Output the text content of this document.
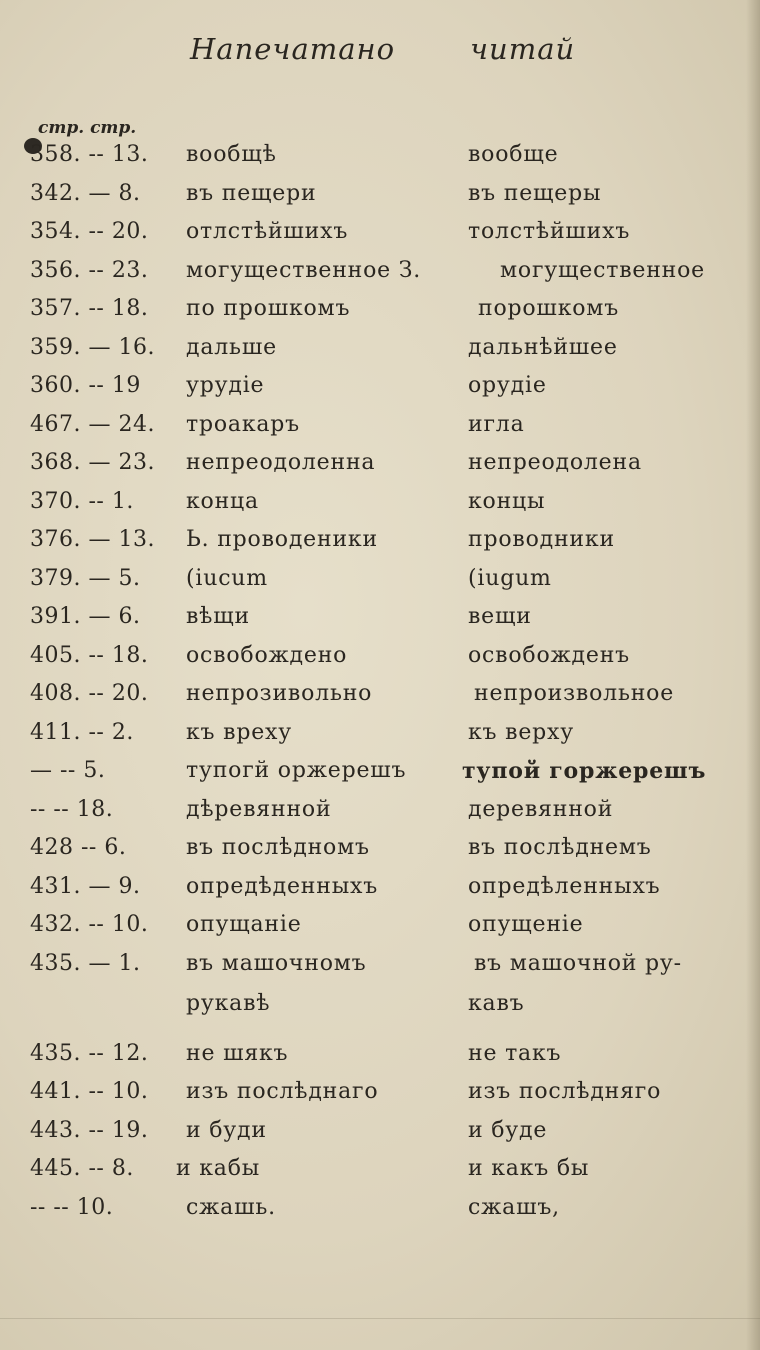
Напечатано	читай
стр. стр.
358. -- 13. вообщѣ	вообще
342. — 8. въ пещери	въ пещеры
354. -- 20. отлстѣйшихъ	толстѣйшихъ
356. -- 23. могущественное З.	могущественное
357. -- 18. по прошкомъ	порошкомъ
359. — 16. дальше	дальнѣйшее
360. -- 19 урудіе	орудіе
467. — 24. троакаръ	игла
368. — 23. непреодоленна	непреодолена
370. -- 1. конца	концы
376. — 13. Ь. проводеники	проводники
379. — 5. (iucum	(iugum
391. — 6. вѣщи	вещи
405. -- 18. освобождено	освобожденъ
408. -- 20. непрозивольно	непроизвольное
411. -- 2. къ вреху	къ верху
— -- 5.	тупогй оржерешъ	тупой горжерешъ
-- -- 18.	дѣревянной	деревянной
428 -- 6.	въ послѣдномъ	въ послѣднемъ
431. — 9. опредѣденныхъ	опредѣленныхъ
432. -- 10. опущаніе	опущеніе
435. — 1. въ машочномъ	въ машочной ру-
рукавѣ	кавъ
435. -- 12. не шякъ	не такъ
441. -- 10. изъ послѣднаго	изъ послѣдняго
443. -- 19. и буди	и буде
445. -- 8. и кабы	и какъ бы
-- -- 10.	сжашь.	сжашъ,
